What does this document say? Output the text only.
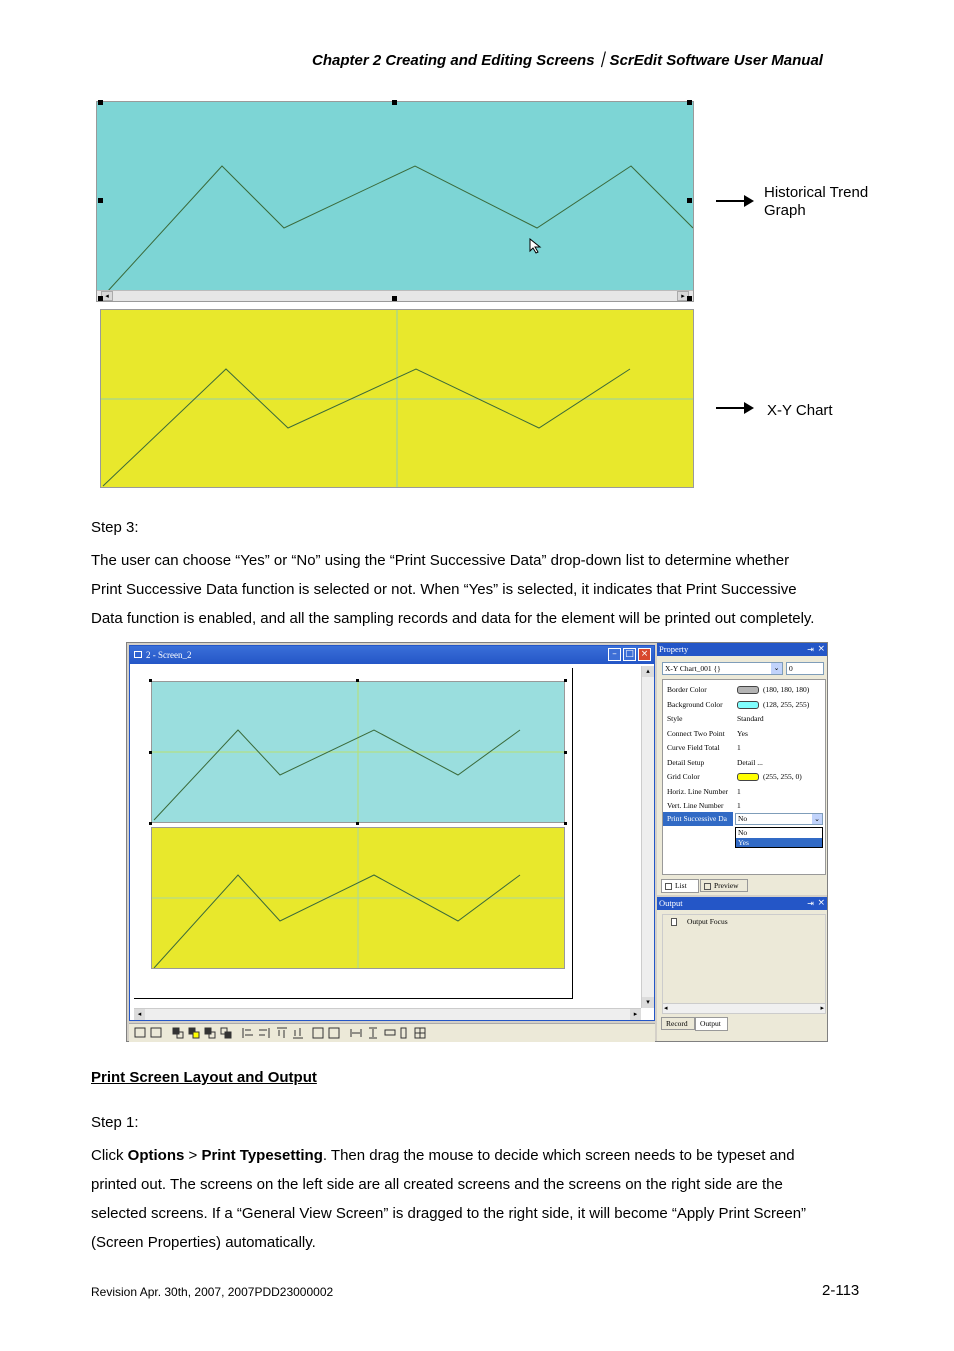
Chapter 2 Creating and Editing Screens｜ScrEdit Software User Manual
◂	▸
Historical Trend
Graph
X-Y Chart
Step 3:
The user can choose “Yes” or “No” using the “Print Successive Data” drop-down list to determine whether
Print Successive Data function is selected or not. When “Yes” is selected, it indicates that Print Successive
Data function is enabled, and all the sampling records and data for the element will be printed out completely.
2 - Screen_2	– □ ×
▴
▾
◂	▸
Property	⇥ ×
X-Y Chart_001 {}	⌄	0
Border Color	(180, 180, 180)
Background Color	(128, 255, 255)
Style	Standard
Connect Two Point	Yes
Curve Field Total	1
Detail Setup	Detail ...
Grid Color	(255, 255, 0)
Horiz. Line Number	1
Vert. Line Number	1
Print Successive Da	No	⌄
No
Yes
List	Preview
Output	⇥ ×
Output Focus
◂	▸
Record	Output
Print Screen Layout and Output
Step 1:
Click Options > Print Typesetting. Then drag the mouse to decide which screen needs to be typeset and
printed out. The screens on the left side are all created screens and the screens on the right side are the
selected screens. If a “General View Screen” is dragged to the right side, it will become “Apply Print Screen”
(Screen Properties) automatically.
Revision Apr. 30th, 2007, 2007PDD23000002	2-113
